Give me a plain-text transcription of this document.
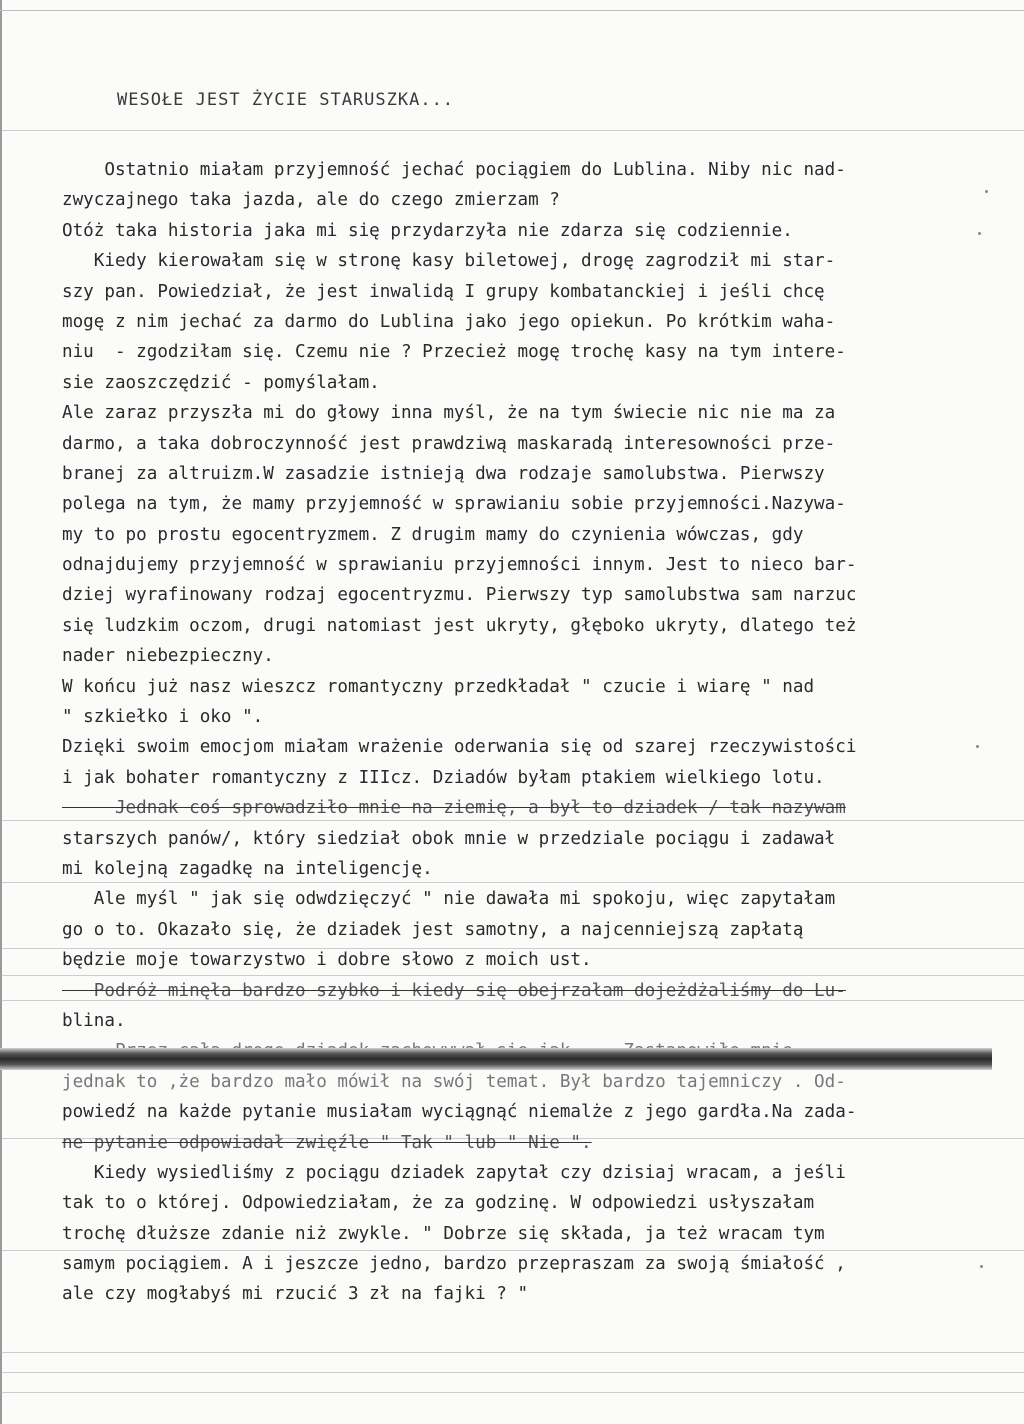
WESOŁE JEST ŻYCIE STARUSZKA...
Ostatnio miałam przyjemność jechać pociągiem do Lublina. Niby nic nad-
zwyczajnego taka jazda, ale do czego zmierzam ?
Otóż taka historia jaka mi się przydarzyła nie zdarza się codziennie.
Kiedy kierowałam się w stronę kasy biletowej, drogę zagrodził mi star-
szy pan. Powiedział, że jest inwalidą I grupy kombatanckiej i jeśli chcę
mogę z nim jechać za darmo do Lublina jako jego opiekun. Po krótkim waha-
niu  - zgodziłam się. Czemu nie ? Przecież mogę trochę kasy na tym intere-
sie zaoszczędzić - pomyślałam.
Ale zaraz przyszła mi do głowy inna myśl, że na tym świecie nic nie ma za
darmo, a taka dobroczynność jest prawdziwą maskaradą interesowności prze-
branej za altruizm.W zasadzie istnieją dwa rodzaje samolubstwa. Pierwszy
polega na tym, że mamy przyjemność w sprawianiu sobie przyjemności.Nazywa-
my to po prostu egocentryzmem. Z drugim mamy do czynienia wówczas, gdy
odnajdujemy przyjemność w sprawianiu przyjemności innym. Jest to nieco bar-
dziej wyrafinowany rodzaj egocentryzmu. Pierwszy typ samolubstwa sam narzuc
się ludzkim oczom, drugi natomiast jest ukryty, głęboko ukryty, dlatego też
nader niebezpieczny.
W końcu już nasz wieszcz romantyczny przedkładał " czucie i wiarę " nad
" szkiełko i oko ".
Dzięki swoim emocjom miałam wrażenie oderwania się od szarej rzeczywistości
i jak bohater romantyczny z IIIcz. Dziadów byłam ptakiem wielkiego lotu.
Jednak coś sprowadziło mnie na ziemię, a był to dziadek / tak nazywam
starszych panów/, który siedział obok mnie w przedziale pociągu i zadawał
mi kolejną zagadkę na inteligencję.
Ale myśl " jak się odwdzięczyć " nie dawała mi spokoju, więc zapytałam
go o to. Okazało się, że dziadek jest samotny, a najcenniejszą zapłatą
będzie moje towarzystwo i dobre słowo z moich ust.
Podróż minęła bardzo szybko i kiedy się obejrzałam dojeżdżaliśmy do Lu-
blina.
jednak to ,że bardzo mało mówił na swój temat. Był bardzo tajemniczy . Od-
powiedź na każde pytanie musiałam wyciągnąć niemalże z jego gardła.Na zada-
ne pytanie odpowiadał zwięźle " Tak " lub " Nie ".
Kiedy wysiedliśmy z pociągu dziadek zapytał czy dzisiaj wracam, a jeśli
tak to o której. Odpowiedziałam, że za godzinę. W odpowiedzi usłyszałam
trochę dłuższe zdanie niż zwykle. " Dobrze się składa, ja też wracam tym
samym pociągiem. A i jeszcze jedno, bardzo przepraszam za swoją śmiałość ,
ale czy mogłabyś mi rzucić 3 zł na fajki ? "
